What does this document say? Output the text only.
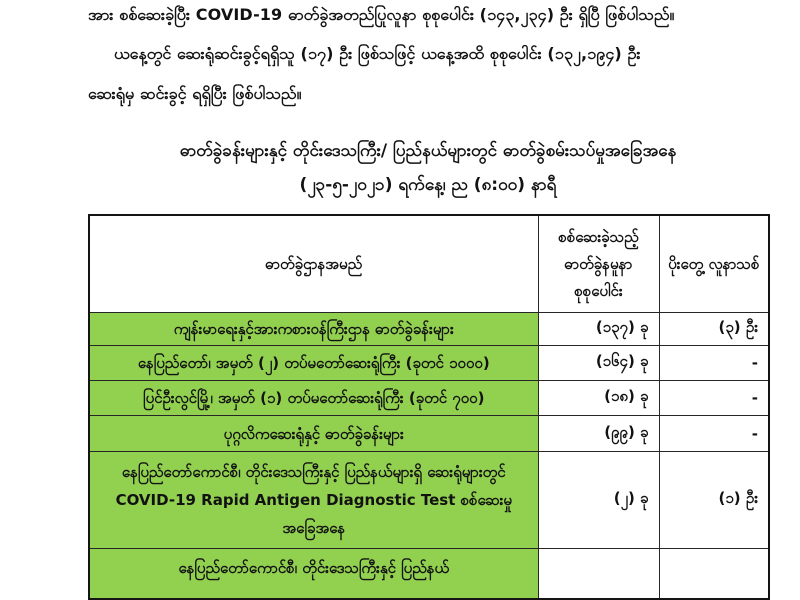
အား စစ်ဆေးခဲ့ပြီး COVID-19 ဓာတ်ခွဲအတည်ပြုလူနာ စုစုပေါင်း (၁၄၃,၂၃၄) ဦး ရှိပြီ ဖြစ်ပါသည်။
ယနေ့တွင် ဆေးရုံဆင်းခွင့်ရရှိသူ (၁၇) ဦး ဖြစ်သဖြင့် ယနေ့အထိ စုစုပေါင်း (၁၃၂,၁၉၄) ဦး
ဆေးရုံမှ ဆင်းခွင့် ရရှိပြီး ဖြစ်ပါသည်။
ဓာတ်ခွဲခန်းများနှင့် တိုင်းဒေသကြီး/ ပြည်နယ်များတွင် ဓာတ်ခွဲစမ်းသပ်မှုအခြေအနေ
(၂၃-၅-၂၀၂၁) ရက်နေ့၊ ည (၈:၀၀) နာရီ
ဓာတ်ခွဲဌာနအမည်	စစ်ဆေးခဲ့သည့် ဓာတ်ခွဲနမူနာ စုစုပေါင်း	ပိုးတွေ့ လူနာသစ်
ကျန်းမာရေးနှင့်အားကစားဝန်ကြီးဌာန ဓာတ်ခွဲခန်းများ	(၁၃၇) ခု	(၃) ဦး
နေပြည်တော်၊ အမှတ် (၂) တပ်မတော်ဆေးရုံကြီး (ခုတင် ၁၀၀၀)	(၁၆၄) ခု	-
ပြင်ဦးလွင်မြို့၊ အမှတ် (၁) တပ်မတော်ဆေးရုံကြီး (ခုတင် ၇၀၀)	(၁၈) ခု	-
ပုဂ္ဂလိကဆေးရုံနှင့် ဓာတ်ခွဲခန်းများ	(၉၉) ခု	-
နေပြည်တော်ကောင်စီ၊ တိုင်းဒေသကြီးနှင့် ပြည်နယ်များရှိ ဆေးရုံများတွင် COVID-19 Rapid Antigen Diagnostic Test စစ်ဆေးမှုအခြေအနေ	(၂) ခု	(၁) ဦး
နေပြည်တော်ကောင်စီ၊ တိုင်းဒေသကြီးနှင့် ပြည်နယ်		
